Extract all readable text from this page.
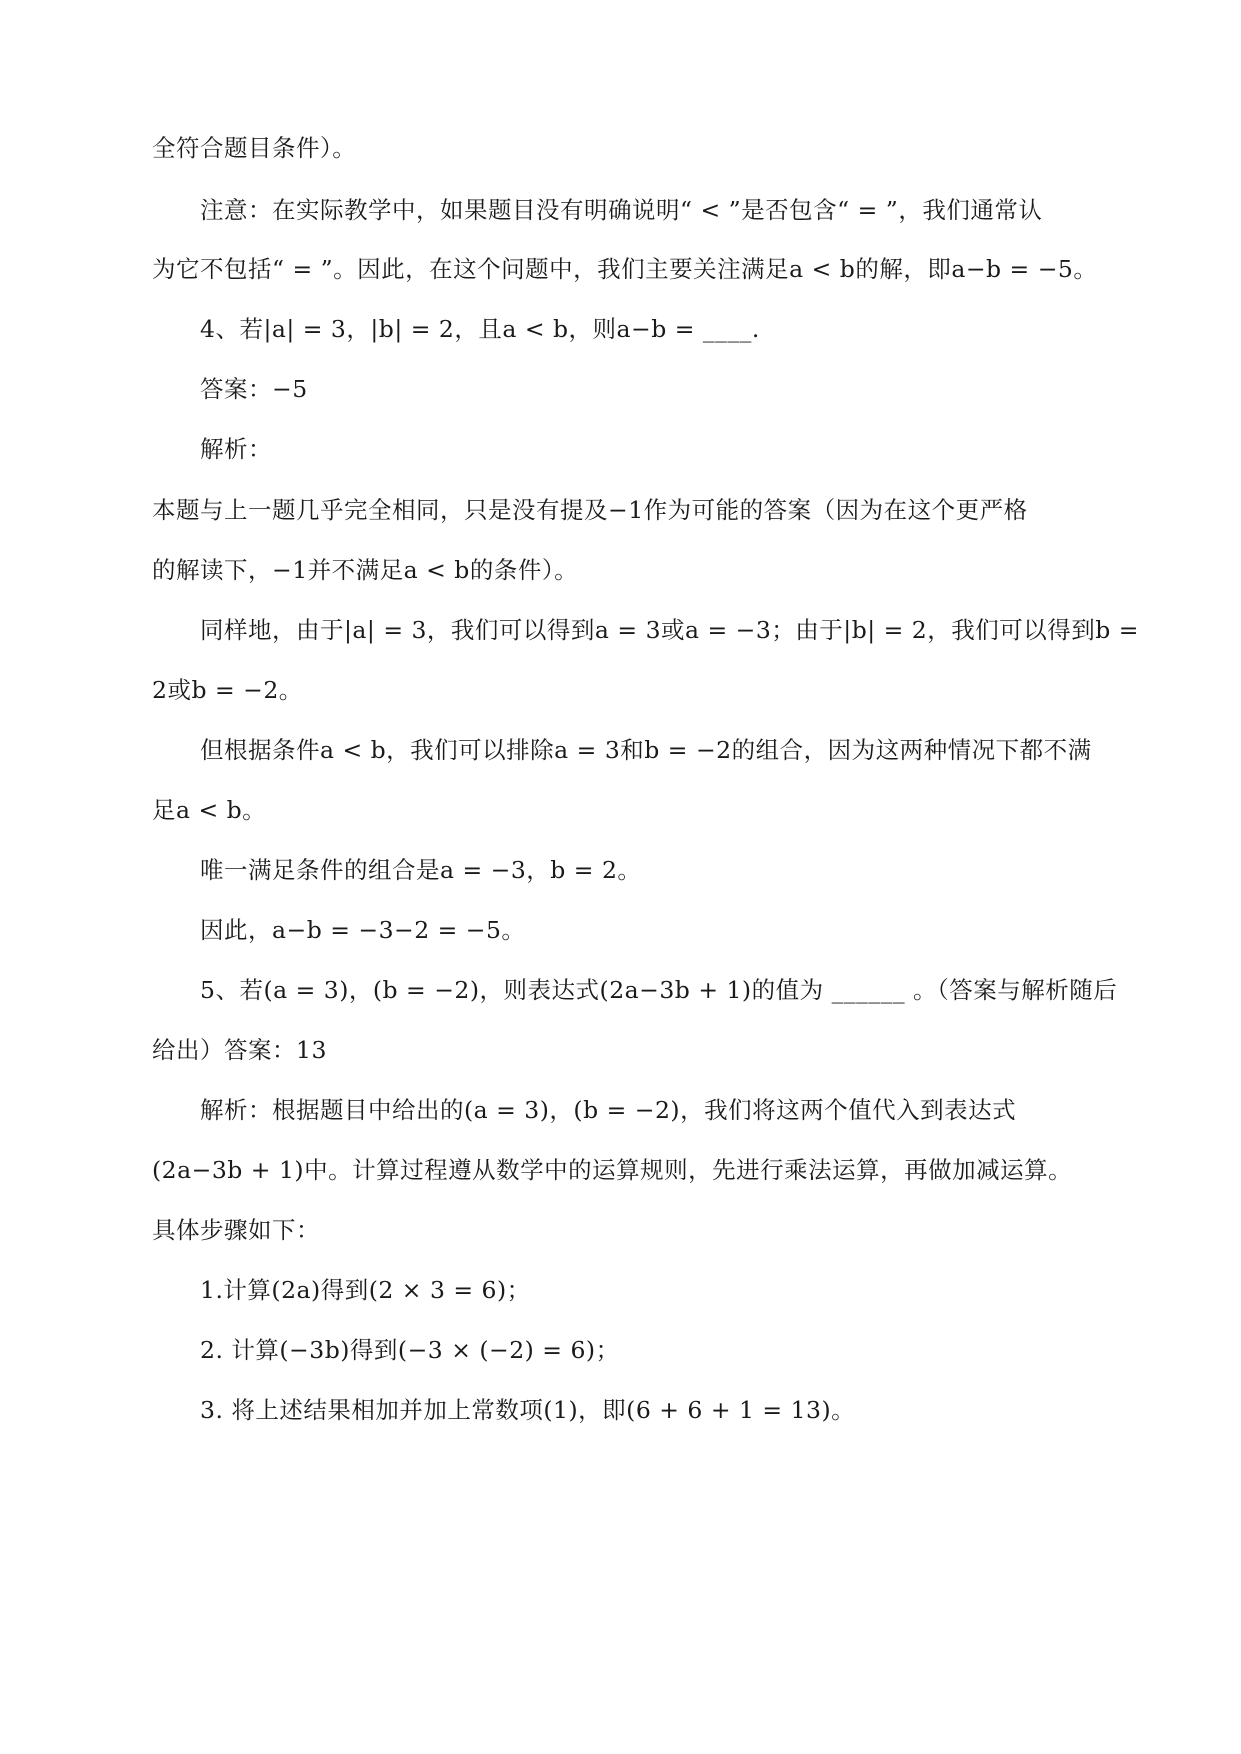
全符合题目条件）。

注意：在实际教学中，如果题目没有明确说明“ < ”是否包含“ = ”，我们通常认

为它不包括“ = ”。因此，在这个问题中，我们主要关注满足a < b的解，即a−b = −5。

4、若|a| = 3，|b| = 2，且a < b，则a−b = ____.

答案：−5

解析：

本题与上一题几乎完全相同，只是没有提及−1作为可能的答案（因为在这个更严格

的解读下，−1并不满足a < b的条件）。

同样地，由于|a| = 3，我们可以得到a = 3或a = −3；由于|b| = 2，我们可以得到b =

2或b = −2。

但根据条件a < b，我们可以排除a = 3和b = −2的组合，因为这两种情况下都不满

足a < b。

唯一满足条件的组合是a = −3，b = 2。

因此，a−b = −3−2 = −5。

5、若(a = 3)，(b = −2)，则表达式(2a−3b + 1)的值为 ______ 。（答案与解析随后

给出）答案：13

解析：根据题目中给出的(a = 3)，(b = −2)，我们将这两个值代入到表达式

(2a−3b + 1)中。计算过程遵从数学中的运算规则，先进行乘法运算，再做加减运算。

具体步骤如下：

1.计算(2a)得到(2 × 3 = 6)；

2. 计算(−3b)得到(−3 × (−2) = 6)；

3. 将上述结果相加并加上常数项(1)，即(6 + 6 + 1 = 13)。
